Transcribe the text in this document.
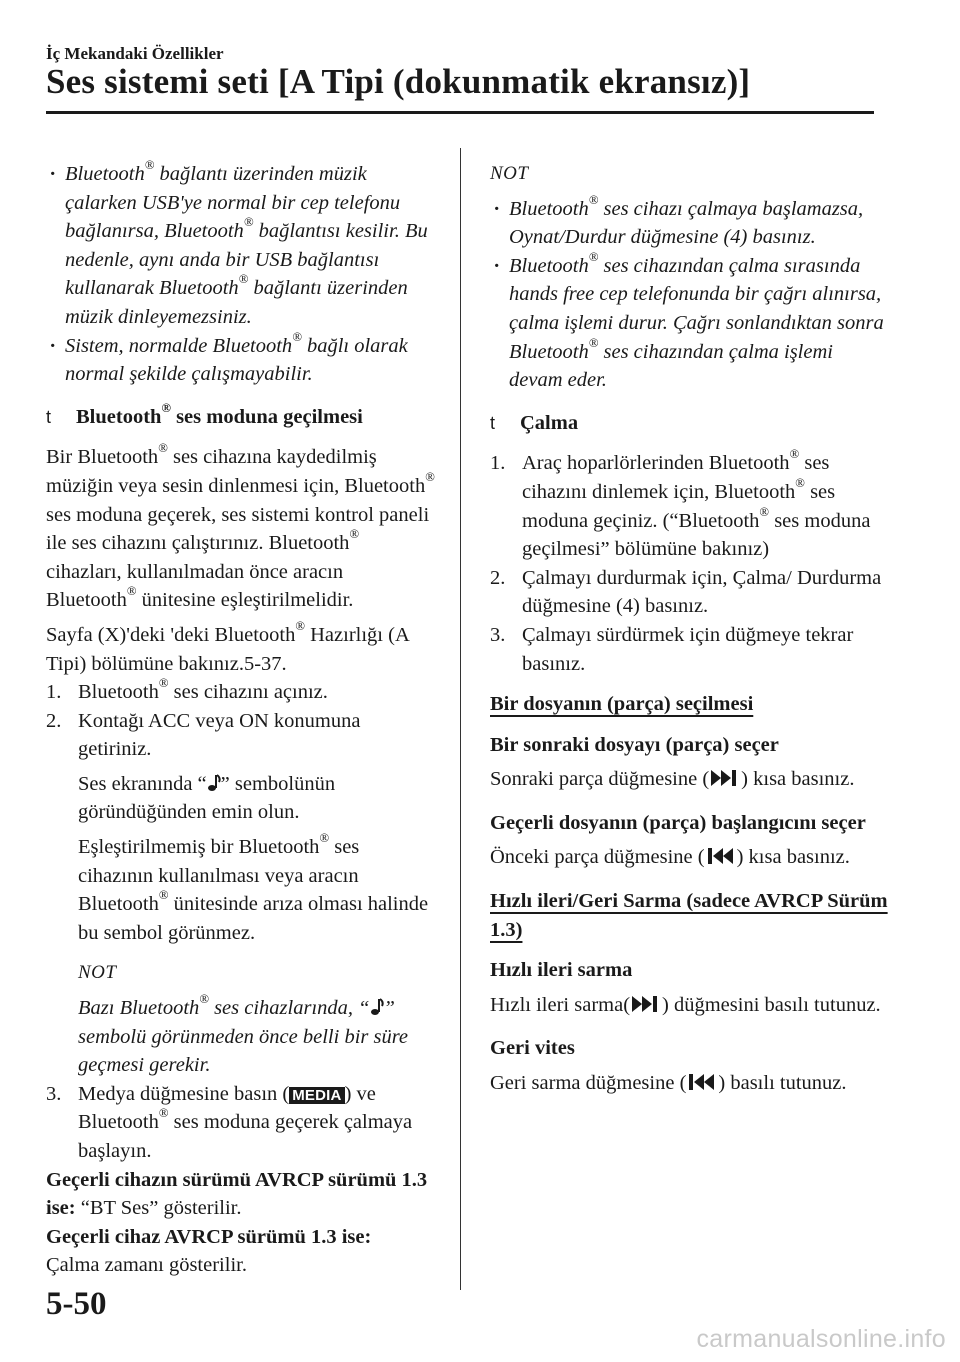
İç Mekandaki Özellikler
Ses sistemi seti [A Tipi (dokunmatik ekransız)]

· Bluetooth® bağlantı üzerinden müzik çalarken USB'ye normal bir cep telefonu bağlanırsa, Bluetooth® bağlantısı kesilir. Bu nedenle, aynı anda bir USB bağlantısı kullanarak Bluetooth® bağlantı üzerinden müzik dinleyemezsiniz.

· Sistem, normalde Bluetooth® bağlı olarak normal şekilde çalışmayabilir.

t Bluetooth® ses moduna geçilmesi

Bir Bluetooth® ses cihazına kaydedilmiş müziğin veya sesin dinlenmesi için, Bluetooth® ses moduna geçerek, ses sistemi kontrol paneli ile ses cihazını çalıştırınız. Bluetooth® cihazları, kullanılmadan önce aracın Bluetooth® ünitesine eşleştirilmelidir.

Sayfa (X)'deki 'deki Bluetooth® Hazırlığı (A Tipi) bölümüne bakınız.5-37.

1. Bluetooth® ses cihazını açınız.

2. Kontağı ACC veya ON konumuna getiriniz.

Ses ekranında “ ” sembolünün göründüğünden emin olun.

Eşleştirilmemiş bir Bluetooth® ses cihazının kullanılması veya aracın Bluetooth® ünitesinde arıza olması halinde bu sembol görünmez.

NOT

Bazı Bluetooth® ses cihazlarında, “ ” sembolü görünmeden önce belli bir süre geçmesi gerekir.

3. Medya düğmesine basın ( MEDIA ) ve Bluetooth® ses moduna geçerek çalmaya başlayın.

Geçerli cihazın sürümü AVRCP sürümü 1.3 ise: “BT Ses” gösterilir.

Geçerli cihaz AVRCP sürümü 1.3 ise:

Çalma zamanı gösterilir.

NOT

· Bluetooth® ses cihazı çalmaya başlamazsa, Oynat/Durdur düğmesine (4) basınız.

· Bluetooth® ses cihazından çalma sırasında hands free cep telefonunda bir çağrı alınırsa, çalma işlemi durur. Çağrı sonlandıktan sonra Bluetooth® ses cihazından çalma işlemi devam eder.

t Çalma

1. Araç hoparlörlerinden Bluetooth® ses cihazını dinlemek için, Bluetooth® ses moduna geçiniz. (“Bluetooth® ses moduna geçilmesi” bölümüne bakınız)

2. Çalmayı durdurmak için, Çalma/ Durdurma düğmesine (4) basınız.

3. Çalmayı sürdürmek için düğmeye tekrar basınız.

Bir dosyanın (parça) seçilmesi

Bir sonraki dosyayı (parça) seçer

Sonraki parça düğmesine ( ) kısa basınız.

Geçerli dosyanın (parça) başlangıcını seçer

Önceki parça düğmesine ( ) kısa basınız.

Hızlı ileri/Geri Sarma (sadece AVRCP Sürüm 1.3)

Hızlı ileri sarma

Hızlı ileri sarma( ) düğmesini basılı tutunuz.

Geri vites

Geri sarma düğmesine ( ) basılı tutunuz.

5-50
carmanualsonline.info
